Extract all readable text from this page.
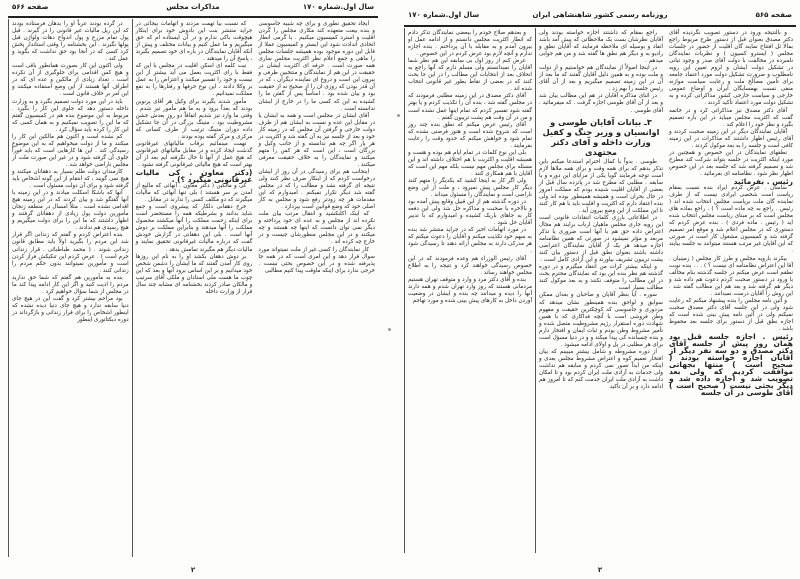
سال اول.شماره ۱۷۰
مذاکرات مجلس
صفحه ۵۶۶

ایجاد تحقیق نطوری و برای چه شبیه جاسوسی و بنده بیعت متعهده کند مکاری مجلس را گردن اقلیت و استرد کمیسیون میکنیم . با گرمی انطار اتحادی اندادت شود این ایستر و کمیسیون عملا از قابل این دوره موجود بوده همیشه جلسات مجلس را ماهی و جمع اعلام نظر اکثریت مجلس ساری همه صورت است . حرفه ای اکثریت ایشان در حقیقت در این هم از نمایندگان و منتخبین طرفی و بیرون این است و دروغ ای نماینده دیگران ، که در آن قدر بودن که روزی ان را از صحیح نه از حقیقت بود و بیان شده بود . اساساً پس از گفتن ما را کشیده به این که کسی ما را در خارج از ایشان ندانسته است .

آقای ایشان در مجلس است و همه به ایشان یا در مقابل این عده و نسبت به ایشان هم از طرف دولت خارجی و گرفتن آن مجلس که در زمینه کار خود و بعد از جلسه نیز به آن گفته شد و اکثریت در هر بار اگر چه هم ندانسته و از جانب وکیل و بزرگان است ، این است که هر کس را متهم میکنند و نمایندگان را به خلاف حقیقت معرفی میکنند .

اینجانب هم برای رسیدگی در آن روز از ایشان درخواست کردم که از اینکار صرف نظر کنند ولی نتیجه ای گرفته نشد و مطالب را که در مجلس گفته شد دیگر تکرار نمیکنم . امیدوارم که این مقدمات هر چه زودتر رفع شود و مجلس به کار اصلی خود که وضع قوانین است بپردازد .

که اینک اکلنکشید و انتقال مرتب بیان ملت نکرده اند از مجلس و به عده ای خود پرداخته و دیگر نمی توان دانست که اینها چه هستند و چه میکنند و در این مجلس منظورشان چیست و در خارج چه کرده اند .

کار نمایندگان را کسی غیر از ملت نمیتواند مورد سوال قرار دهد و این امری است که در همه جا پذیرفته شده و در این خصوص بحثی نیست . خرجی ندارد برای اینکه ماوقت پیدا کنیم مطالبی

که نسبت بیا تهمت مزدند و اتهامات بیجائی در جراید منتشر بنت این بادوش خود برای اینکار هیچوقت باکی ندارم و در آن ایستاده ام که حق میگیریم و ما عمل کنیم و بیانات مختلف و پیش از آنکه آقایان نمایندگان در باره ای خود تصمیم بگیرند ، پاسخ آن را میدهند .

نیت کلمه ای اسکن اقلیت در مجلس با این که فقط با رای اکثریت بعمل می آید بیشتر از این نیست و خود را تفسیر میکنند و اعتراض را به عمل بر وکلا دادند ، این نوع حرفها و رفتارها را به نفع مملکت نمیدانیم .

مأمور شدند بگیرند برای وکیل هر آقای پرنوین بودند که بعداً برود و به ما هم مأمور تیز شدم . وقتی ما وارد تیز شدیم اتفاقاً دو روز بعدش جشن مشروطیت بود . متینگ بزرگی در آن جا تشکیل داده دوران متینگ ترتیب از طرف کسانی که مرکزی و مرکز گفته بوده بودند .

تهمت مینمائیم برقاب مالیاتهای غیرقانونی گذشت ایجاد کرده و در مقابل مالیاتهای غیرقانونی که هیچ عمل از آنها تا حال نگرفته ایم بعد از آن بهتر است که هیچ مالیاتی غیرقانونی گرفته نشود .

(دکتر معاون . کی مالیات غیرقانونی میگیرد ؟) .

کی و مالکین ( دکتر معاون . آنهائی که مالیع از آمدن بر سر هستند ) بلی تنها آنهائی که مالیات میگیرند که دو مکلف کسی را ندارند در مقابل .

خرج دهقانی دلکار که پیشروی است و جمع شاید بدانند و بشرطیکه همه را مستحضر است برای اینکه زحمت مملکت را آنها میکشند محصول مملکت را آنها میدهند و بنابراین مملکت بر دوش آنها است . بلی این دهقانی در گزارش خودش گفت که درباره مالیات غیرقانونی تحقیق نمایند و مالیات دیگر هم مگیرند تمامش بدهد .

بر دوش دهقان بکشد او را به نام این روزها روی کار آمدن گفتند که ما ایشان را دشمن شخص خود میدانیم و بر این اساس برود آنها و بعد که این چوب ما هست ملی استادان و ملکی آقای سرتیپ و مالکان صادر کردند بخشنامه ای مشابه چند سال قرار از وزارت داخله

در گرده بودند عرباً او را بدهان فرستاده بودند که این ریل مالیات غیر قانونی را در گیرند . قبل پول تمام مزرع و پول اندواج دهات ولواژن قبل پولها نگیرند . این بخشنامه را وقتی استاندار پخش کرد کسی که در آنجا بود حق نداشت که بگوید و عمل کند .

ولی اکنون این کار بصورت همانطور باقی است و هیچ کس اقدامی برای جلوگیری از آن نکرده است . تعداد زیادی از مالکین و عده ای که در اطراف آنها هستند از این وضع استفاده میکنند و این امر بر خلاف قانون است .

باید در این مورد دولت تصمیم بگیرد و به وزارت داخله دستور دهد که جلوی این کار را بگیرد . مربوط به این موضوع بنده هم در کمیسیون گفتم که ما این را تصویب نمیکنیم و به همان کسی که این کار را کرده باید سؤال کرد .

کم نشده است و اکنون هم مالکین این کار را میکنند و ما از دولت میخواهیم که به این موضوع رسیدگی کند . این ها کارهایی است که باید فوراً جلوی آن گرفته شود و در غیر این صورت ملت از مجلس ناراضی خواهد شد .

کارمندان دولت ظلم بسیار به دهقانان میکنند و هیچ نمی گویند ، که انتقام از این گونه اشخاص باید گرفته شود و برای آن دولت مسئول است .

آنها که باشکا اسکلت میادند و در این زمینه با آنها گفتگو شد و بیان کردند که در این زمینه هیچ اقدامی نشده است . مثلاً امسال در منطقه زنجان مأمورین دولت پول زیادی از دهقانان گرفتند و اظهار داشتند که ما این را برای دولت میگیریم و هیچ رسیدی هم ندادند .

بنده اعتراض کردم و گفتم که زندانی اگر قرار شد این مردم را بگیرید اولاً باید مطابق قانون زندانی شوند . ( محمد طباطبائی . قرار زندانی جرم است ) . عرض کردم این تنکیکش فراز کردن است و مأمورین نمیتوانند بدون حکم مردم را زندانی کنند .

بنده به مأمورین هم گفتم که شما حق ندارید مردم را اذیت کنید و اگر این کار ادامه پیدا کند ما در مجلس از شما سؤال خواهیم کرد .

بود مزاحم بیشتر کرد و گفت این در هیچ جای دنیا سابقه ندارد و هیچ جای دنیا دیده نشده که اینطور اشخاص را برای قرار زندانی و بازگرداند در دوره دیکتاتوری اینطور

۲
صفحه ۵۶۵
روزنامه رسمی کشور شاهنشاهی ایران
سال اول.شماره ۱۷۰

و بالنتیجه ورود در دستور تصویب نگردیده آقای دکتر مصدق بعنوان قبل از دستور طرح مربوط راجع بمالا ثل افتتاح نمایند گان اقلیت از حضور در جلسات مجلس ( ایسترو کسیون ) و نظریات نمایندگان نامبرده در مخالفت با دولت آقای صدر و وجود تبانی در تشکیل دولت ایشان و لزوم تعیین این رویه نامطلوب و ضرورت تشکیل دولت مورد اعتماد جامعه برای تأمین مصالح ملت و رعایت سیاست موازنه منفی نسبت بهمسایگان ایران و اوضاع عمومی خارجی و سیاست خارجی کشور مذاکراتی کرده و به تشکیل دولت مورد اعتماد تأکید کردند .

آقای دکتر مصدق نیز مذاکراتی کرد و در خاتمه گفت که اکثریت مجلس میباید در این باره تصمیم بگیرد و نظر خود را اعلام کند .

آقایان نمایندگان دیگر در این زمینه صحبت کردند و آقای رئیس اظهار داشتند که مذاکرات در این زمینه کافی است و جلسه را به بعد موکول کردند .

نطقهای نمایندگان در این خصوص و همچنین در مورد اینکه اکثریت در جلسه بتواند شرکت کند مطرح شد و تصمیم گرفته شد که جلسه بعد در این خصوص اظهار نظر شود . نظامنامه ای بفرمائید .

رئیس . بفرمائید

ساسان . عرض کردم ایراد بنده نسبت بمقام ریاست است شخصی ایرادی نیست که از طرف نماینده گان ملت بریاست مجلس انتخاب شده اند ( رئیس . راجع به چه ماده است ؟ ) . راجع بماده های مجلس است که بر مبنای ریاست مجلس انتخاب شده اید ( رئیس . ماده فردی ) . بنده عرض کردم که دستوری که در مجلس اعلام شد و موقع امر تصمیم گرفته شد و کمیسیون مشغول کار است در صورتی که این آقایان غیر مرتب هستند میتوانند به جلسه بیایند .

بیکرند بارویه مجلس و طرز کار مجلس ( زمینیان . آقا این اعتراض نظامنامه ای نیست ؟ ) . . . بنده نوبت نطقم است عرض میکنم در جلسه گذشته بنام مخالف با ورود در دستور صحبت کردم دعوت هم داده شد و دیگر هم گرفته شد و بعد هم این مطالب گفته شد . این روش را آقایان درست نمیدانند .

و آئین نامه مجلس را بنده پیشنهاد میکنم که رعایت شود ولی در این جلسه آقای دکتر مصدق صحبت نمیکنم ولی در آئین نامه پیش بینی شده است که اجازه نطق قبل از دستور برای جلسه بعد محفوظ باشد .

رئیس . اجازه جلسه قبل بود همان روز پیش از جلسه آقای دکتر مصدق و دو سه نفر دیگر از آقایان اجازه خواسته بودند ( صحیح است ) منتها بجهاتی موافقت کردیم که ولی بعد تصویب شد و اجازه داده شد و دیگر بحثی نیست ( صحیح است ) آقای طوسی در آن جلسه

راجع بمقام که داشتند اجازه خواسته بودند ولی آقایان نظرشان بست یک ملاحظاتی که پیش آمد باشد اتفاد و بوسیله ای ملاحظه فرمایند که آقایان نطق و رادیو به و دیگر هم نطق ها گفته شد و من هم جوابی میدهم .

در اینجا اصولاً از نمایندگان هم خواستیم و از دولت و ملت بوده و به همین دلیل آقایان گفتند که ما بعد از آن در این زمینه تصمیم میگیریم و بعد از آن آقای رئیس جلسه را بهم زد .

در اثنای مذاکره آقایان در هم این مطالب بیان شد و بعد از آن آقای طوسی اجازه گرفت . که میفرمائید . آقای طوسی .

۳ـ بیانات آقایان طوسی و اوانسیان و وزیر جنگ و کفیل وزارت داخله و آقای دکتر مجتهدی

طوسی . بدواً با کمال احترام استدعا میکنم باین تذکر بدهم که برای همه وقت و برای همه ملاها لازم است توجه فرمایند گویا یکی از مزایای این دوره و یا سابقه . مطلبی که مطرح شد در پانزده سال قبل از بعضی از آقایان اقلیت شنیده بودم که مملکت امروز در حال بحران است و همیشه همینطور بوده اند ولی بنده اعتقاد دارم که اکثریت و اقلیت باید با هم کار کنند تا این مملکت از این وضع بیرون آید .

در اطلاعاتی بارزی کلمات انتقادات قانونی است این رویه جاری مجلس ماهیان ارباب برایند هم مجال اعتراض داده حق هم با آنها است ضروری یا تذکر مربعد و مؤثر نمیشود در صورتی که همین نظامنامه اجازه میدهد هر یک از آقایان نمایندگان اعتراضی داشته باشند بعنوان نطق قبل از دستور بیان کنند پشت تریبون تشریف بیاورند و این آزادی کامل است .

و اینکه بیشتر کرات من انتقاد میگیرم و در دوره گذشته هم نظر بنده این بود که نمایندگان محترم بحث در این مطالب را متوقف نکنند و به بعد موکول کنند مطالب بسیار است .

سوره . آیا بنظر آقایان و صاحبان و بعدان ممکن سوابق و لواحق بنده همینطور نشان میدهد که مزدوری و جاسوسی که کوچکترین حقیقت و مفهوم وطن فروشی است با آنچه فداکاری که با همین شهادت دوره استقرار رژیم مشروطیت متصل شده و تأمیر مشروط وطن بودم و ثبات ایمان و افتخار دارم و بنده چسبانده کی پیدا میکند و و در دنیا مسؤل است برای هر مطلبی در پل و اولای ادامه میشود .

از دوره مشروطه و شامل بیشتر میبینم که بیان افتخار تعمیم کوه و اعتراض مشروط مجلس بعدی و اینکه من ابداً تصور نمی کردم و سابقه هم نداشت ولی خدمات به آزادی ملت ایران کردم بود و تا امکان داشت به آزادی ملت ایران خدمت کنم که تا امروز هم ادامه دارد و بر آن تأکید

و بعدهم صلاح خودم را ببعضی نمایندگان تذکر دادم که انطار اکثریت مجلس دانستم و از ادامه عمل او بیرون آمدم و به مقابله با آن پرداختم . بنده اجازه ندارم و آنچه لازم بود عرض کردم در این خصوص .

عرض کنم از روز اول بی سابقه این هم نظر شما آقایان را نمیدانستم ولی مسلم دارم که آنها راجع به انحلاف بعد از انتخابات این مطالب را در این جا بحث کنند که در بعضی از نقاط بطور غیر قانونی انتخاب شده اند .

آقای دکتر مصدق در این زمینه مطلبی فرمودند که در مجلس گفته شد ، بنده آن را تکذیب کردم و یا بهتر گفته شود تفسیر کردم که تمام اینها عمل نشده است و من در آن وقت هم پشت تریبون گفتم .

آقای رئیس عرض میکنم که نطق بنده چند روز است که شروع شده است و هنوز فرصتی نشده که تمام شود و خواهش میکنم که حدود وقت را رعایت بفرمایند .

بلی این نوع کلمات در تمام ایام هم بوده و هست و همیشه اقلیت و اکثریت با هم اختلاف داشته اند و این مسئله برای مجلس مهم نیست بلکه مهم این است که آقایان با هم همکاری کنند .

ولی اگر کار به اینجا کشید که یکدیگر را متهم کنند دیگر کار مجلس پیش نمیرود ، و ملت از این وضع ناراضی است و نمایندگان را مسئول میداند .

در دوره گذشته هم از این قبیل وقایع پیش آمده بود و بالاخره با صحبت و مذاکره حل شد ولی این دفعه کار به جاهای باریک کشیده و امیدوارم که با تدبیر آقایان حل شود .

در مورد اتهامات اخیر که در جراید منتشر شد بنده به سهم خود تکذیب میکنم و آقایان را دعوت میکنم که هر مدرکی دارند به مجلس ارائه دهند تا رسیدگی شود .

آقای رئیس الوزراء هم وعده فرمودند که در این خصوص رسیدگی خواهند کرد و نتیجه را به اطلاع مجلس خواهند رساند .

بنده و آقای دکتر مرد و وارد و متوقف تهران هستیم مردمانی هستند که روز وارد تهران شدم و همه دارند آنها را دیده و میدانند چه بنده و ایشان در وضعیت آوردن داخل به کارهای پیش بینی شده و مورد تهاجم

۲
